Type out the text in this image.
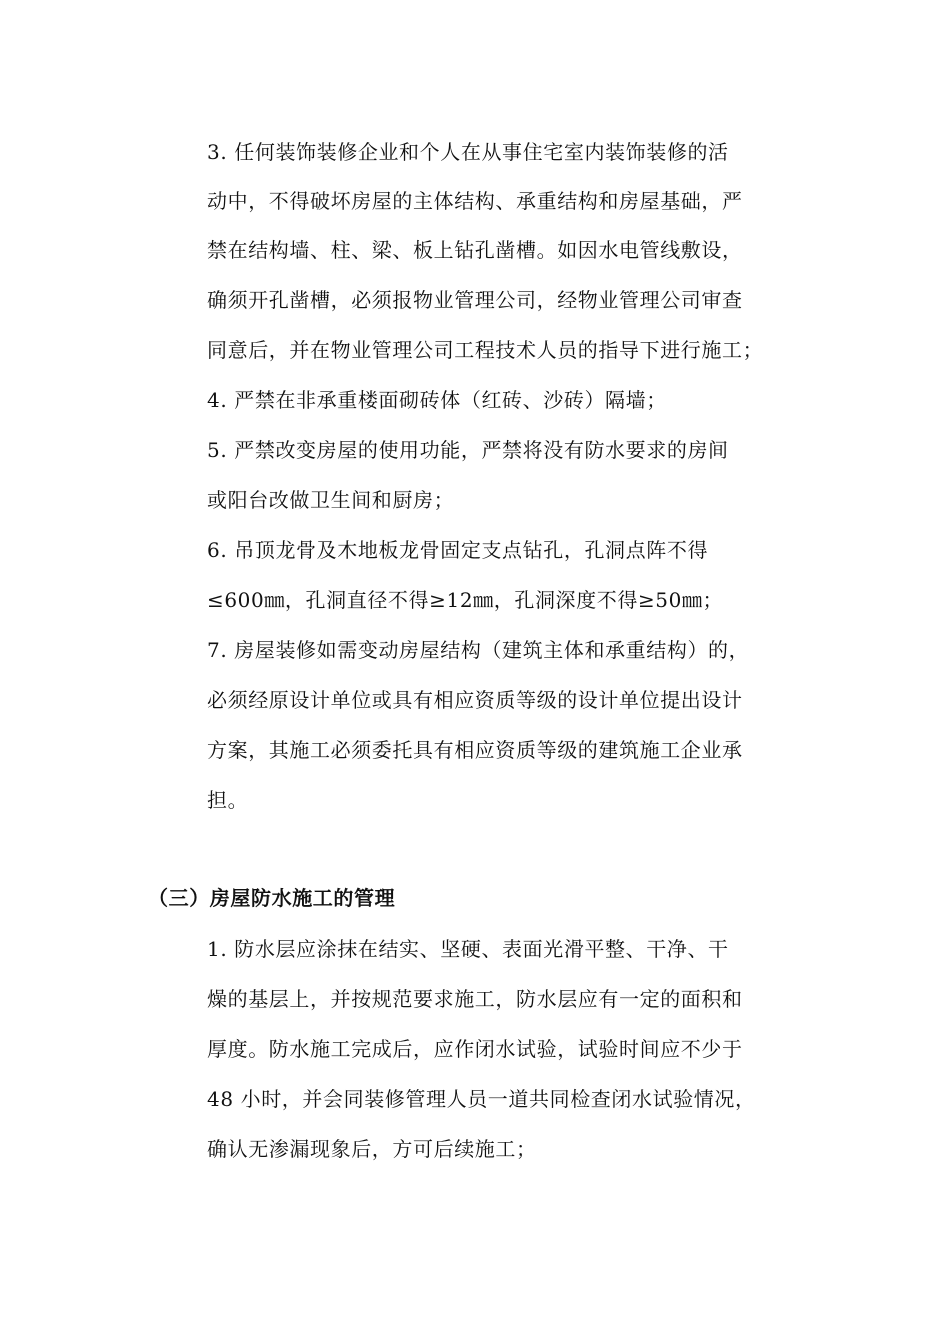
3. 任何装饰装修企业和个人在从事住宅室内装饰装修的活
动中，不得破坏房屋的主体结构、承重结构和房屋基础，严
禁在结构墙、柱、梁、板上钻孔凿槽。如因水电管线敷设，
确须开孔凿槽，必须报物业管理公司，经物业管理公司审查
同意后，并在物业管理公司工程技术人员的指导下进行施工；
4. 严禁在非承重楼面砌砖体（红砖、沙砖）隔墙；
5. 严禁改变房屋的使用功能，严禁将没有防水要求的房间
或阳台改做卫生间和厨房；
6. 吊顶龙骨及木地板龙骨固定支点钻孔，孔洞点阵不得
≤600㎜，孔洞直径不得≥12㎜，孔洞深度不得≥50㎜；
7. 房屋装修如需变动房屋结构（建筑主体和承重结构）的，
必须经原设计单位或具有相应资质等级的设计单位提出设计
方案，其施工必须委托具有相应资质等级的建筑施工企业承
担。
（三）房屋防水施工的管理
1. 防水层应涂抹在结实、坚硬、表面光滑平整、干净、干
燥的基层上，并按规范要求施工，防水层应有一定的面积和
厚度。防水施工完成后，应作闭水试验，试验时间应不少于
48 小时，并会同装修管理人员一道共同检查闭水试验情况，
确认无渗漏现象后，方可后续施工；
